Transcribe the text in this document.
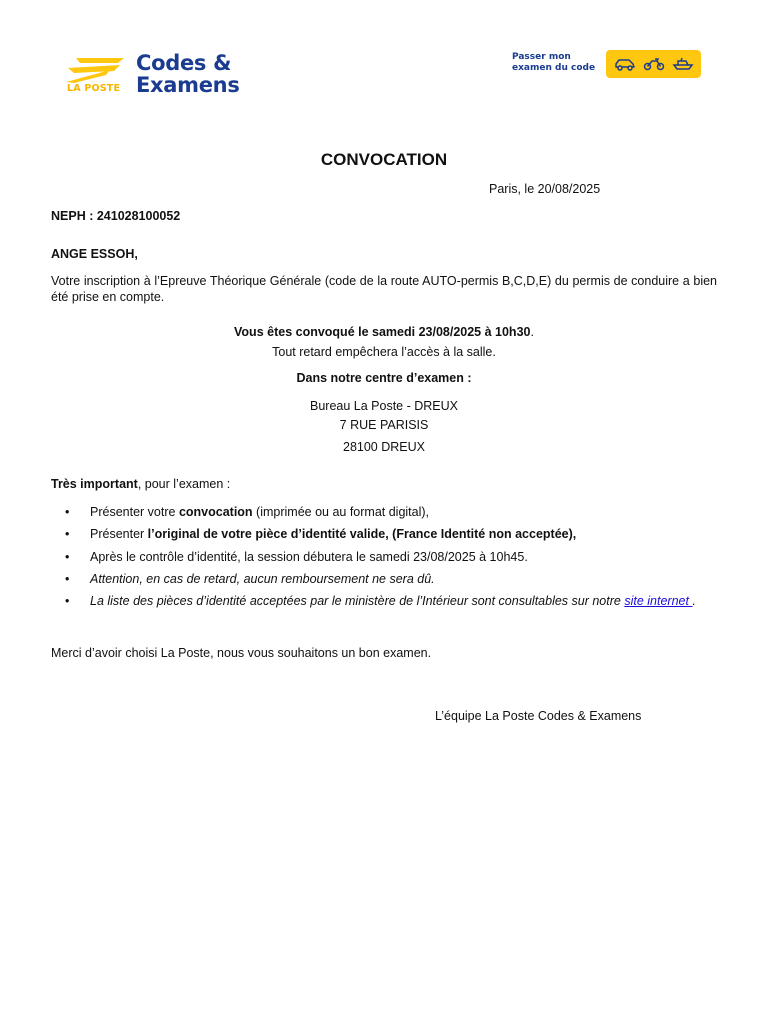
LA POSTE
Codes &
Examens
Passer mon
examen du code
CONVOCATION
Paris, le 20/08/2025
NEPH : 241028100052
ANGE ESSOH,
Votre inscription à l’Epreuve Théorique Générale (code de la route AUTO-permis B,C,D,E) du permis de conduire a bien été prise en compte.
Vous êtes convoqué le samedi 23/08/2025 à 10h30.
Tout retard empêchera l’accès à la salle.
Dans notre centre d’examen :
Bureau La Poste - DREUX
7 RUE PARISIS
28100 DREUX
Très important, pour l’examen :
• Présenter votre convocation (imprimée ou au format digital),
• Présenter l’original de votre pièce d’identité valide, (France Identité non acceptée),
• Après le contrôle d’identité, la session débutera le samedi 23/08/2025 à 10h45.
• Attention, en cas de retard, aucun remboursement ne sera dû.
• La liste des pièces d’identité acceptées par le ministère de l’Intérieur sont consultables sur notre site internet .
Merci d’avoir choisi La Poste, nous vous souhaitons un bon examen.
L’équipe La Poste Codes & Examens
